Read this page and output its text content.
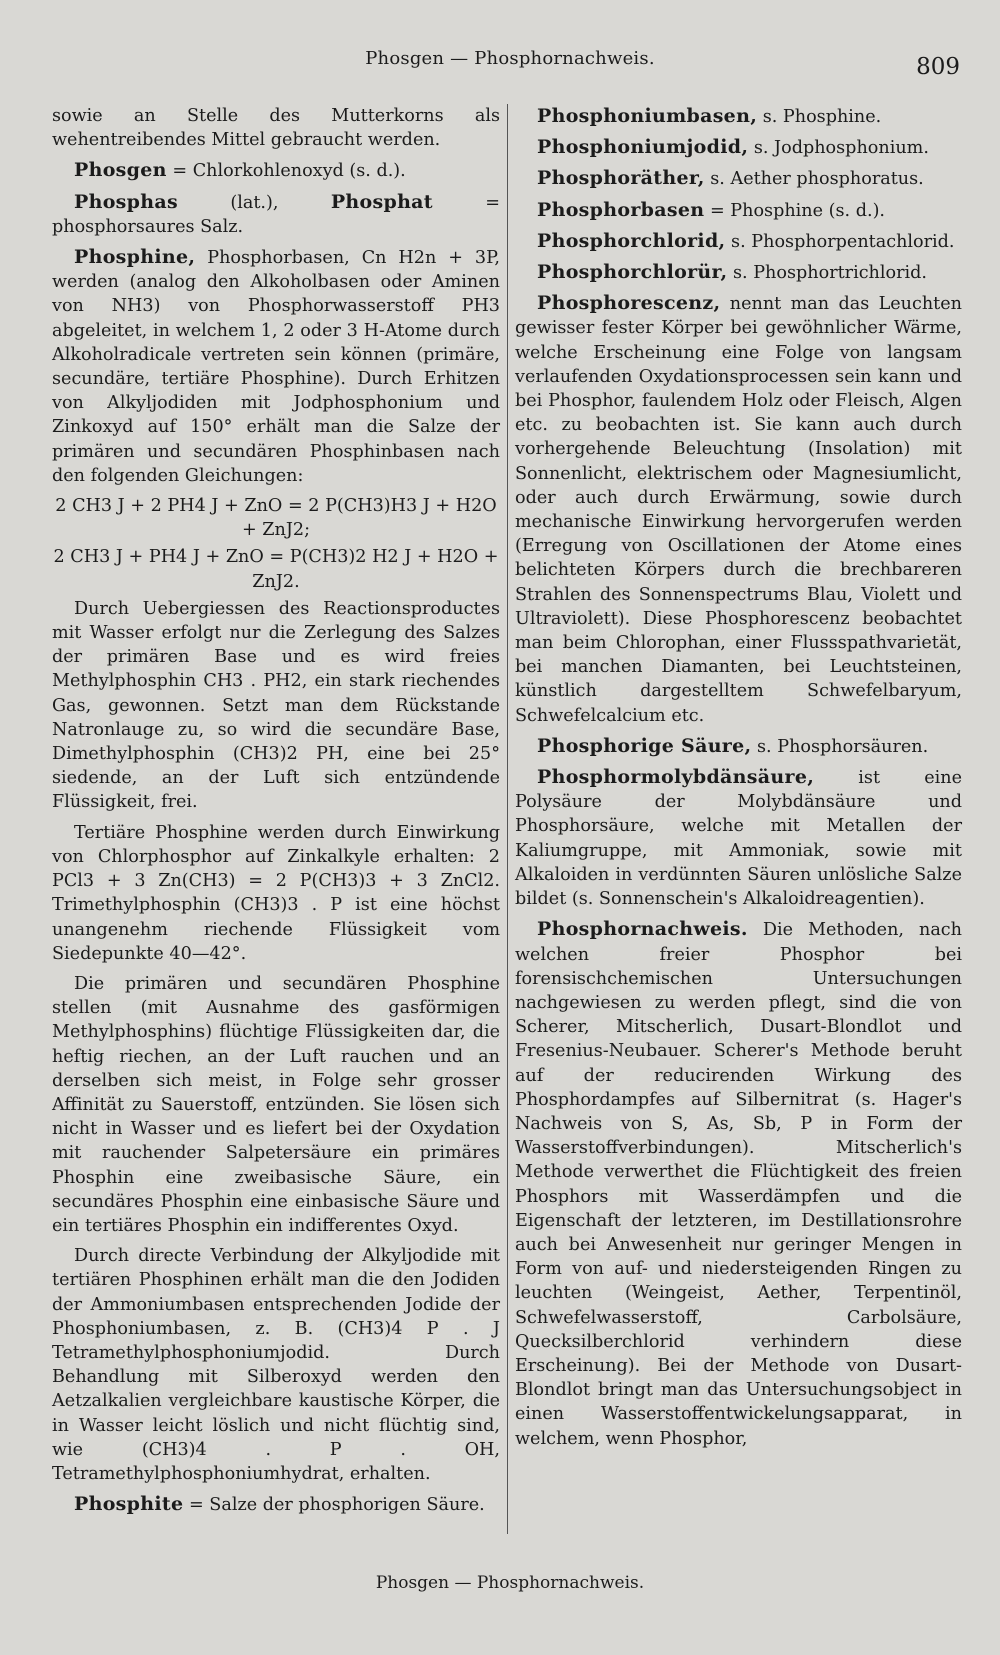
Phosgen — Phosphornachweis.	809

sowie an Stelle des Mutterkorns als wehentreibendes Mittel gebraucht werden.

Phosgen = Chlorkohlenoxyd (s. d.).

Phosphas (lat.), Phosphat = phosphorsaures Salz.

Phosphine, Phosphorbasen, Cn H2n + 3P, werden (analog den Alkoholbasen oder Aminen von NH3) von Phosphorwasserstoff PH3 abgeleitet, in welchem 1, 2 oder 3 H-Atome durch Alkoholradicale vertreten sein können (primäre, secundäre, tertiäre Phosphine). Durch Erhitzen von Alkyljodiden mit Jodphosphonium und Zinkoxyd auf 150° erhält man die Salze der primären und secundären Phosphinbasen nach den folgenden Gleichungen:

2 CH3 J + 2 PH4 J + ZnO = 2 P(CH3)H3 J + H2O + ZnJ2;

2 CH3 J + PH4 J + ZnO = P(CH3)2 H2 J + H2O + ZnJ2.

Durch Uebergiessen des Reactionsproductes mit Wasser erfolgt nur die Zerlegung des Salzes der primären Base und es wird freies Methylphosphin CH3 . PH2, ein stark riechendes Gas, gewonnen. Setzt man dem Rückstande Natronlauge zu, so wird die secundäre Base, Dimethylphosphin (CH3)2 PH, eine bei 25° siedende, an der Luft sich entzündende Flüssigkeit, frei.

Tertiäre Phosphine werden durch Einwirkung von Chlorphosphor auf Zinkalkyle erhalten: 2 PCl3 + 3 Zn(CH3) = 2 P(CH3)3 + 3 ZnCl2. Trimethylphosphin (CH3)3 . P ist eine höchst unangenehm riechende Flüssigkeit vom Siedepunkte 40—42°.

Die primären und secundären Phosphine stellen (mit Ausnahme des gasförmigen Methylphosphins) flüchtige Flüssigkeiten dar, die heftig riechen, an der Luft rauchen und an derselben sich meist, in Folge sehr grosser Affinität zu Sauerstoff, entzünden. Sie lösen sich nicht in Wasser und es liefert bei der Oxydation mit rauchender Salpetersäure ein primäres Phosphin eine zweibasische Säure, ein secundäres Phosphin eine einbasische Säure und ein tertiäres Phosphin ein indifferentes Oxyd.

Durch directe Verbindung der Alkyljodide mit tertiären Phosphinen erhält man die den Jodiden der Ammoniumbasen entsprechenden Jodide der Phosphoniumbasen, z. B. (CH3)4 P . J Tetramethylphosphoniumjodid. Durch Behandlung mit Silberoxyd werden den Aetzalkalien vergleichbare kaustische Körper, die in Wasser leicht löslich und nicht flüchtig sind, wie (CH3)4 . P . OH, Tetramethylphosphoniumhydrat, erhalten.

Phosphite = Salze der phosphorigen Säure.

Phosphoniumbasen, s. Phosphine.

Phosphoniumjodid, s. Jodphosphonium.

Phosphoräther, s. Aether phosphoratus.

Phosphorbasen = Phosphine (s. d.).

Phosphorchlorid, s. Phosphorpentachlorid.

Phosphorchlorür, s. Phosphortrichlorid.

Phosphorescenz, nennt man das Leuchten gewisser fester Körper bei gewöhnlicher Wärme, welche Erscheinung eine Folge von langsam verlaufenden Oxydationsprocessen sein kann und bei Phosphor, faulendem Holz oder Fleisch, Algen etc. zu beobachten ist. Sie kann auch durch vorhergehende Beleuchtung (Insolation) mit Sonnenlicht, elektrischem oder Magnesiumlicht, oder auch durch Erwärmung, sowie durch mechanische Einwirkung hervorgerufen werden (Erregung von Oscillationen der Atome eines belichteten Körpers durch die brechbareren Strahlen des Sonnenspectrums Blau, Violett und Ultraviolett). Diese Phosphorescenz beobachtet man beim Chlorophan, einer Flussspathvarietät, bei manchen Diamanten, bei Leuchtsteinen, künstlich dargestelltem Schwefelbaryum, Schwefelcalcium etc.

Phosphorige Säure, s. Phosphorsäuren.

Phosphormolybdänsäure, ist eine Polysäure der Molybdänsäure und Phosphorsäure, welche mit Metallen der Kaliumgruppe, mit Ammoniak, sowie mit Alkaloiden in verdünnten Säuren unlösliche Salze bildet (s. Sonnenschein's Alkaloidreagentien).

Phosphornachweis. Die Methoden, nach welchen freier Phosphor bei forensischchemischen Untersuchungen nachgewiesen zu werden pflegt, sind die von Scherer, Mitscherlich, Dusart-Blondlot und Fresenius-Neubauer. Scherer's Methode beruht auf der reducirenden Wirkung des Phosphordampfes auf Silbernitrat (s. Hager's Nachweis von S, As, Sb, P in Form der Wasserstoffverbindungen). Mitscherlich's Methode verwerthet die Flüchtigkeit des freien Phosphors mit Wasserdämpfen und die Eigenschaft der letzteren, im Destillationsrohre auch bei Anwesenheit nur geringer Mengen in Form von auf- und niedersteigenden Ringen zu leuchten (Weingeist, Aether, Terpentinöl, Schwefelwasserstoff, Carbolsäure, Quecksilberchlorid verhindern diese Erscheinung). Bei der Methode von Dusart-Blondlot bringt man das Untersuchungsobject in einen Wasserstoffentwickelungsapparat, in welchem, wenn Phosphor,

Phosgen — Phosphornachweis.
